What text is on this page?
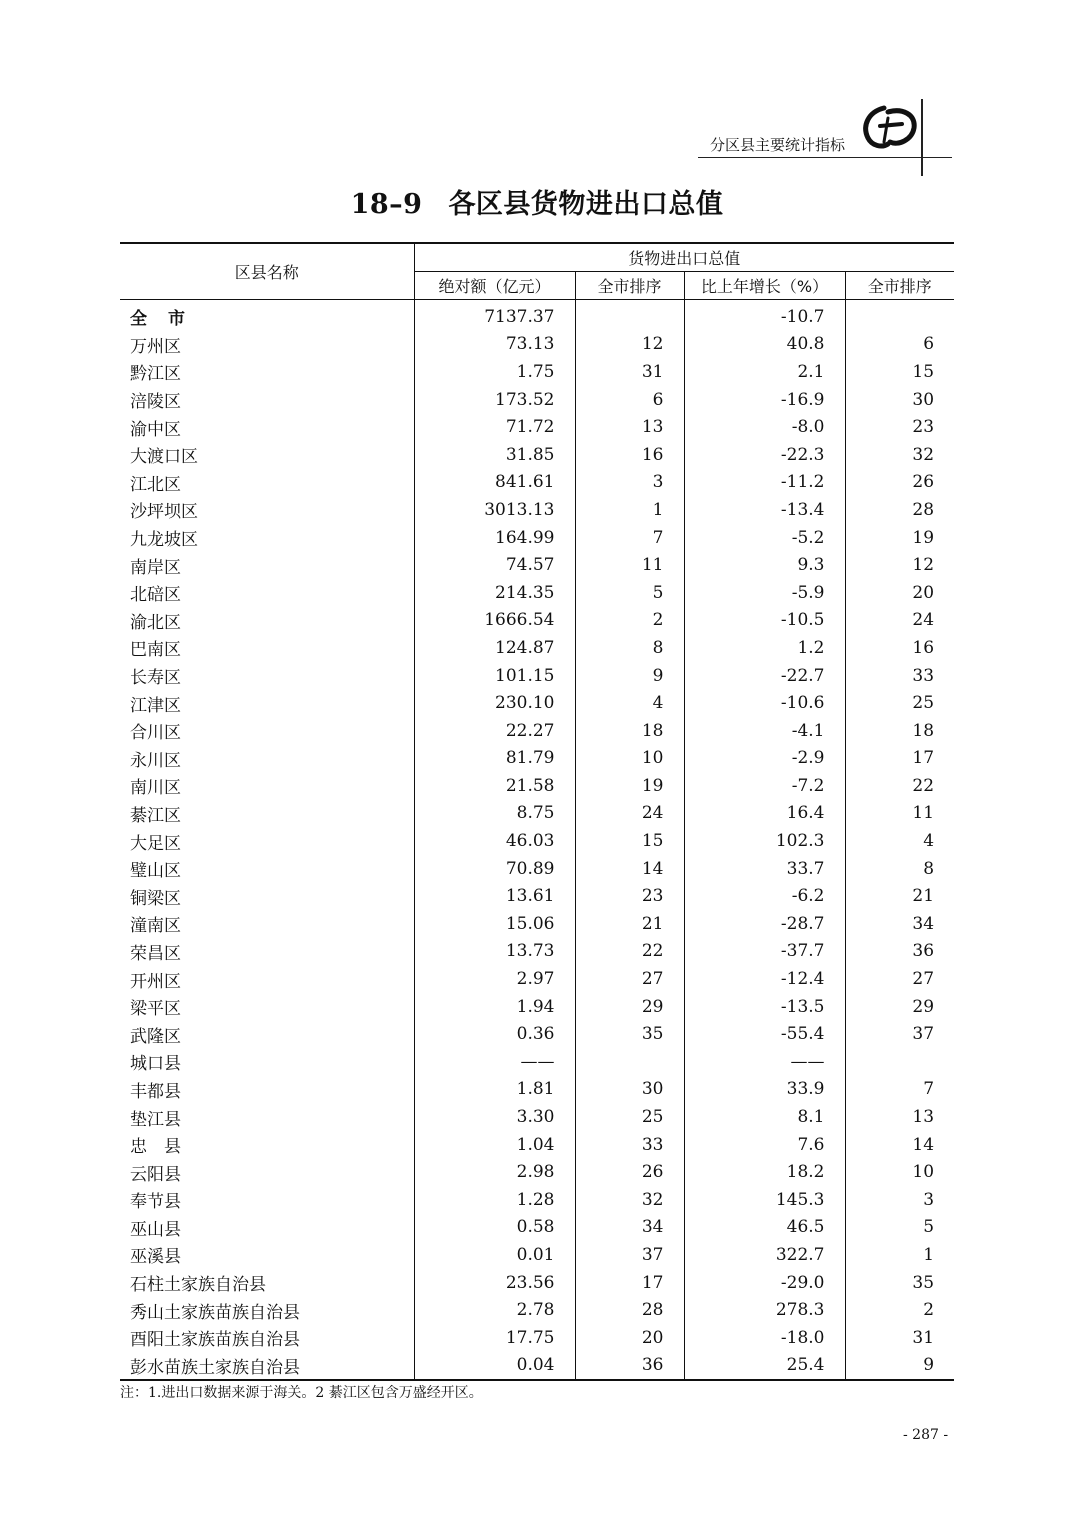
分区县主要统计指标
18–9 各区县货物进出口总值
区县名称	货物进出口总值			
	绝对额（亿元）	全市排序	比上年增长（%）	全市排序
全　市	7137.37		-10.7	
万州区	73.13	12	40.8	6
黔江区	1.75	31	2.1	15
涪陵区	173.52	6	-16.9	30
渝中区	71.72	13	-8.0	23
大渡口区	31.85	16	-22.3	32
江北区	841.61	3	-11.2	26
沙坪坝区	3013.13	1	-13.4	28
九龙坡区	164.99	7	-5.2	19
南岸区	74.57	11	9.3	12
北碚区	214.35	5	-5.9	20
渝北区	1666.54	2	-10.5	24
巴南区	124.87	8	1.2	16
长寿区	101.15	9	-22.7	33
江津区	230.10	4	-10.6	25
合川区	22.27	18	-4.1	18
永川区	81.79	10	-2.9	17
南川区	21.58	19	-7.2	22
綦江区	8.75	24	16.4	11
大足区	46.03	15	102.3	4
璧山区	70.89	14	33.7	8
铜梁区	13.61	23	-6.2	21
潼南区	15.06	21	-28.7	34
荣昌区	13.73	22	-37.7	36
开州区	2.97	27	-12.4	27
梁平区	1.94	29	-13.5	29
武隆区	0.36	35	-55.4	37
城口县	——		——	
丰都县	1.81	30	33.9	7
垫江县	3.30	25	8.1	13
忠　县	1.04	33	7.6	14
云阳县	2.98	26	18.2	10
奉节县	1.28	32	145.3	3
巫山县	0.58	34	46.5	5
巫溪县	0.01	37	322.7	1
石柱土家族自治县	23.56	17	-29.0	35
秀山土家族苗族自治县	2.78	28	278.3	2
酉阳土家族苗族自治县	17.75	20	-18.0	31
彭水苗族土家族自治县	0.04	36	25.4	9
注：1.进出口数据来源于海关。2 綦江区包含万盛经开区。
- 287 -
